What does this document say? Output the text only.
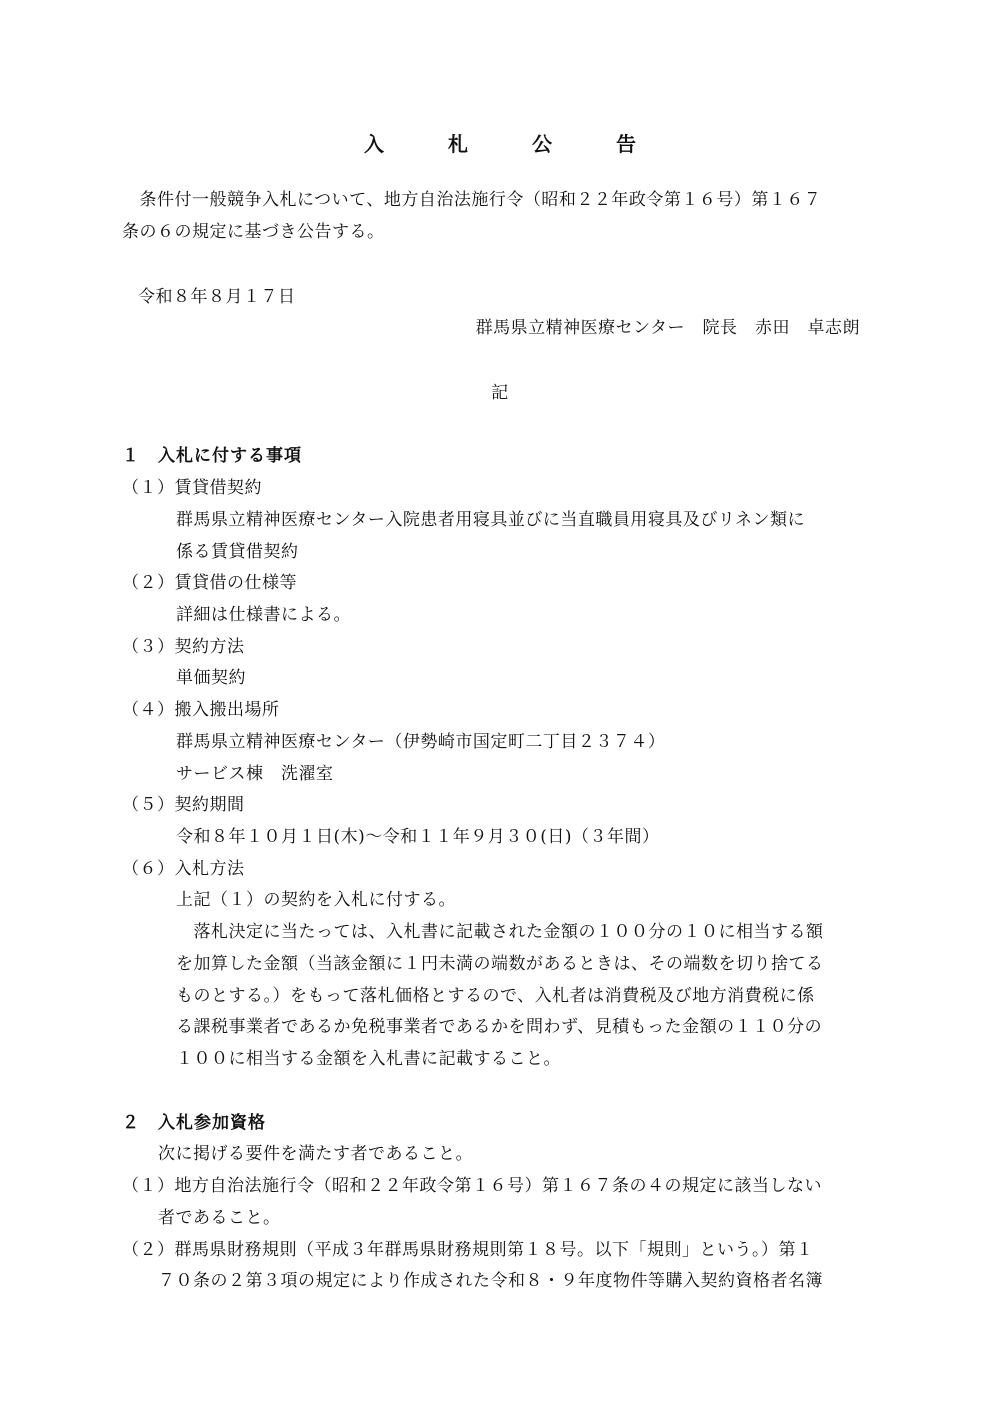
入　札　公　告
　条件付一般競争入札について、地方自治法施行令（昭和２２年政令第１６号）第１６７
条の６の規定に基づき公告する。
令和８年８月１７日
群馬県立精神医療センター　院長　赤田　卓志朗
記
１　入札に付する事項
（１）賃貸借契約
群馬県立精神医療センター入院患者用寝具並びに当直職員用寝具及びリネン類に
係る賃貸借契約
（２）賃貸借の仕様等
詳細は仕様書による。
（３）契約方法
単価契約
（４）搬入搬出場所
群馬県立精神医療センター（伊勢崎市国定町二丁目２３７４）
サービス棟　洗濯室
（５）契約期間
令和８年１０月１日(木)～令和１１年９月３０(日)（３年間）
（６）入札方法
上記（１）の契約を入札に付する。
　落札決定に当たっては、入札書に記載された金額の１００分の１０に相当する額
を加算した金額（当該金額に１円未満の端数があるときは、その端数を切り捨てる
ものとする。）をもって落札価格とするので、入札者は消費税及び地方消費税に係
る課税事業者であるか免税事業者であるかを問わず、見積もった金額の１１０分の
１００に相当する金額を入札書に記載すること。
２　入札参加資格
次に掲げる要件を満たす者であること。
（１）地方自治法施行令（昭和２２年政令第１６号）第１６７条の４の規定に該当しない
者であること。
（２）群馬県財務規則（平成３年群馬県財務規則第１８号。以下「規則」という。）第１
７０条の２第３項の規定により作成された令和８・９年度物件等購入契約資格者名簿
